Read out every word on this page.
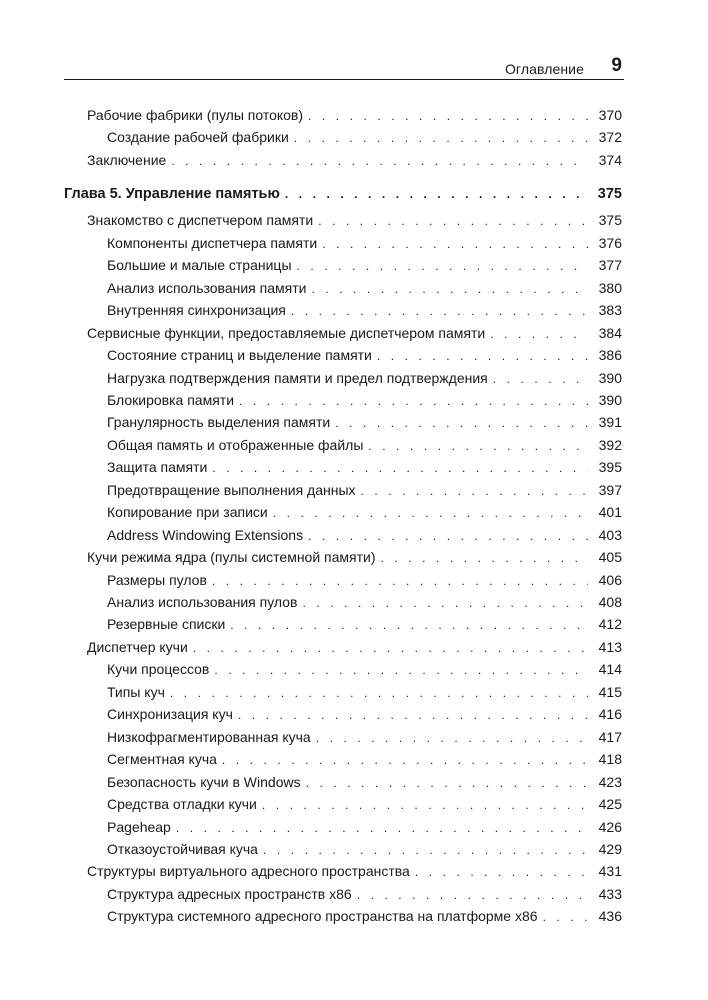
Оглавление 9
Рабочие фабрики (пулы потоков) . . .	370
Создание рабочей фабрики . . .	372
Заключение . . .	374
Глава 5. Управление памятью . . .	375
Знакомство с диспетчером памяти . . .	375
Компоненты диспетчера памяти . . .	376
Большие и малые страницы . . .	377
Анализ использования памяти . . .	380
Внутренняя синхронизация . . .	383
Сервисные функции, предоставляемые диспетчером памяти . . .	384
Состояние страниц и выделение памяти . . .	386
Нагрузка подтверждения памяти и предел подтверждения . . .	390
Блокировка памяти . . .	390
Гранулярность выделения памяти . . .	391
Общая память и отображенные файлы . . .	392
Защита памяти . . .	395
Предотвращение выполнения данных . . .	397
Копирование при записи . . .	401
Address Windowing Extensions . . .	403
Кучи режима ядра (пулы системной памяти) . . .	405
Размеры пулов . . .	406
Анализ использования пулов . . .	408
Резервные списки . . .	412
Диспетчер кучи . . .	413
Кучи процессов . . .	414
Типы куч . . .	415
Синхронизация куч . . .	416
Низкофрагментированная куча . . .	417
Сегментная куча . . .	418
Безопасность кучи в Windows . . .	423
Средства отладки кучи . . .	425
Pageheap . . .	426
Отказоустойчивая куча . . .	429
Структуры виртуального адресного пространства . . .	431
Структура адресных пространств x86 . . .	433
Структура системного адресного пространства на платформе x86 . . .	436
